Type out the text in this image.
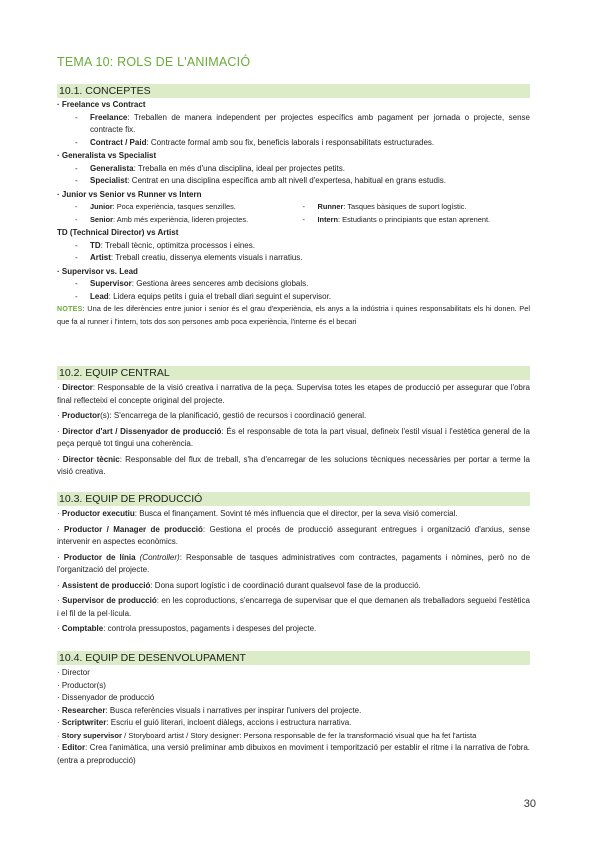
TEMA 10: ROLS DE L'ANIMACIÓ
10.1. CONCEPTES
· Freelance vs Contract
-	Freelance: Treballen de manera independent per projectes específics amb pagament per jornada o projecte, sense contracte fix.
- Contract / Paid: Contracte formal amb sou fix, beneficis laborals i responsabilitats estructurades.
· Generalista vs Specialist
- Generalista: Treballa en més d'una disciplina, ideal per projectes petits.
- Specialist: Centrat en una disciplina específica amb alt nivell d'expertesa, habitual en grans estudis.
· Junior vs Senior vs Runner vs Intern
- Junior: Poca experiència, tasques senzilles.
- Senior: Amb més experiència, lideren projectes.
- Runner: Tasques bàsiques de suport logístic.
- Intern: Estudiants o principiants que estan aprenent.
TD (Technical Director) vs Artist
- TD: Treball tècnic, optimitza processos i eines.
- Artist: Treball creatiu, dissenya elements visuals i narratius.
· Supervisor vs. Lead
- Supervisor: Gestiona àrees senceres amb decisions globals.
- Lead: Lidera equips petits i guia el treball diari seguint el supervisor.
NOTES: Una de les diferències entre junior i senior és el grau d'experiència, els anys a la indústria i quines responsabilitats els hi donen. Pel que fa al runner i l'intern, tots dos son persones amb poca experiència, l'interne és el becari
10.2. EQUIP CENTRAL
· Director: Responsable de la visió creativa i narrativa de la peça. Supervisa totes les etapes de producció per assegurar que l'obra final reflecteixi el concepte original del projecte.
· Productor(s): S'encarrega de la planificació, gestió de recursos i coordinació general.
· Director d'art / Dissenyador de producció: És el responsable de tota la part visual, defineix l'estil visual i l'estètica general de la peça perquè tot tingui una coherència.
· Director tècnic: Responsable del flux de treball, s'ha d'encarregar de les solucions tècniques necessàries per portar a terme la visió creativa.
10.3. EQUIP DE PRODUCCIÓ
· Productor executiu: Busca el finançament. Sovint té més influencia que el director, per la seva visió comercial.
· Productor / Manager de producció: Gestiona el procés de producció assegurant entregues i organització d'arxius, sense intervenir en aspectes econòmics.
· Productor de línia (Controller): Responsable de tasques administratives com contractes, pagaments i nòmines, però no de l'organització del projecte.
· Assistent de producció: Dona suport logístic i de coordinació durant qualsevol fase de la producció.
· Supervisor de producció: en les coproductions, s'encarrega de supervisar que el que demanen als treballadors segueixi l'estètica i el fil de la pel·lícula.
· Comptable: controla pressupostos, pagaments i despeses del projecte.
10.4. EQUIP DE DESENVOLUPAMENT
· Director
· Productor(s)
· Dissenyador de producció
· Researcher: Busca referències visuals i narratives per inspirar l'univers del projecte.
· Scriptwriter: Escriu el guió literari, incloent diàlegs, accions i estructura narrativa.
· Story supervisor / Storyboard artist / Story designer: Persona responsable de fer la transformació visual que ha fet l'artista
· Editor: Crea l'animàtica, una versió preliminar amb dibuixos en moviment i temporització per establir el ritme i la narrativa de l'obra. (entra a preproducció)
30
